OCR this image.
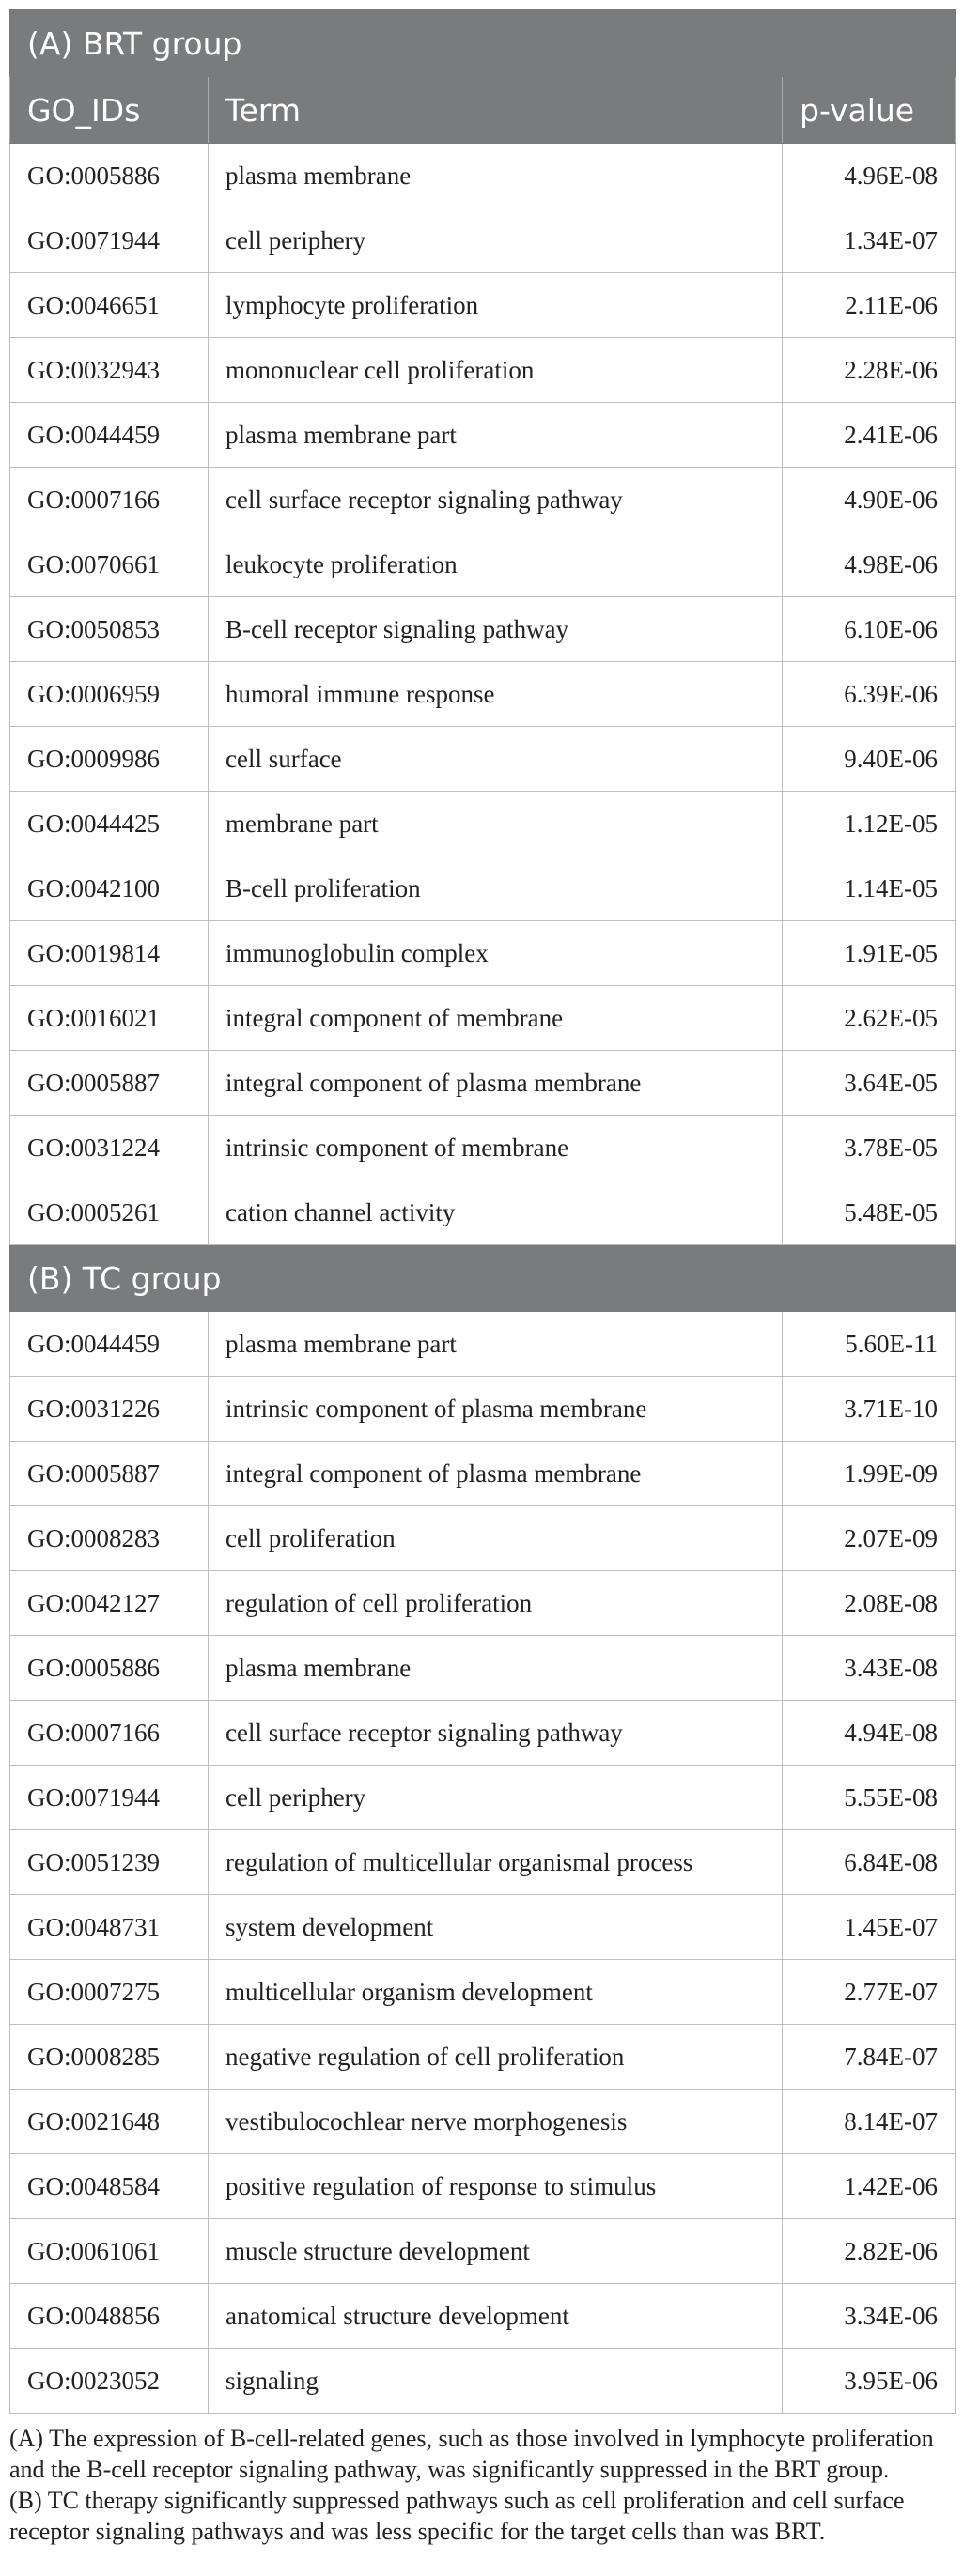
(A) BRT group		
GO_IDs	Term	p-value
GO:0005886	plasma membrane	4.96E-08
GO:0071944	cell periphery	1.34E-07
GO:0046651	lymphocyte proliferation	2.11E-06
GO:0032943	mononuclear cell proliferation	2.28E-06
GO:0044459	plasma membrane part	2.41E-06
GO:0007166	cell surface receptor signaling pathway	4.90E-06
GO:0070661	leukocyte proliferation	4.98E-06
GO:0050853	B-cell receptor signaling pathway	6.10E-06
GO:0006959	humoral immune response	6.39E-06
GO:0009986	cell surface	9.40E-06
GO:0044425	membrane part	1.12E-05
GO:0042100	B-cell proliferation	1.14E-05
GO:0019814	immunoglobulin complex	1.91E-05
GO:0016021	integral component of membrane	2.62E-05
GO:0005887	integral component of plasma membrane	3.64E-05
GO:0031224	intrinsic component of membrane	3.78E-05
GO:0005261	cation channel activity	5.48E-05
(B) TC group		
GO:0044459	plasma membrane part	5.60E-11
GO:0031226	intrinsic component of plasma membrane	3.71E-10
GO:0005887	integral component of plasma membrane	1.99E-09
GO:0008283	cell proliferation	2.07E-09
GO:0042127	regulation of cell proliferation	2.08E-08
GO:0005886	plasma membrane	3.43E-08
GO:0007166	cell surface receptor signaling pathway	4.94E-08
GO:0071944	cell periphery	5.55E-08
GO:0051239	regulation of multicellular organismal process	6.84E-08
GO:0048731	system development	1.45E-07
GO:0007275	multicellular organism development	2.77E-07
GO:0008285	negative regulation of cell proliferation	7.84E-07
GO:0021648	vestibulocochlear nerve morphogenesis	8.14E-07
GO:0048584	positive regulation of response to stimulus	1.42E-06
GO:0061061	muscle structure development	2.82E-06
GO:0048856	anatomical structure development	3.34E-06
GO:0023052	signaling	3.95E-06

(A) The expression of B-cell-related genes, such as those involved in lymphocyte proliferation and the B-cell receptor signaling pathway, was significantly suppressed in the BRT group.

(B) TC therapy significantly suppressed pathways such as cell proliferation and cell surface receptor signaling pathways and was less specific for the target cells than was BRT.
